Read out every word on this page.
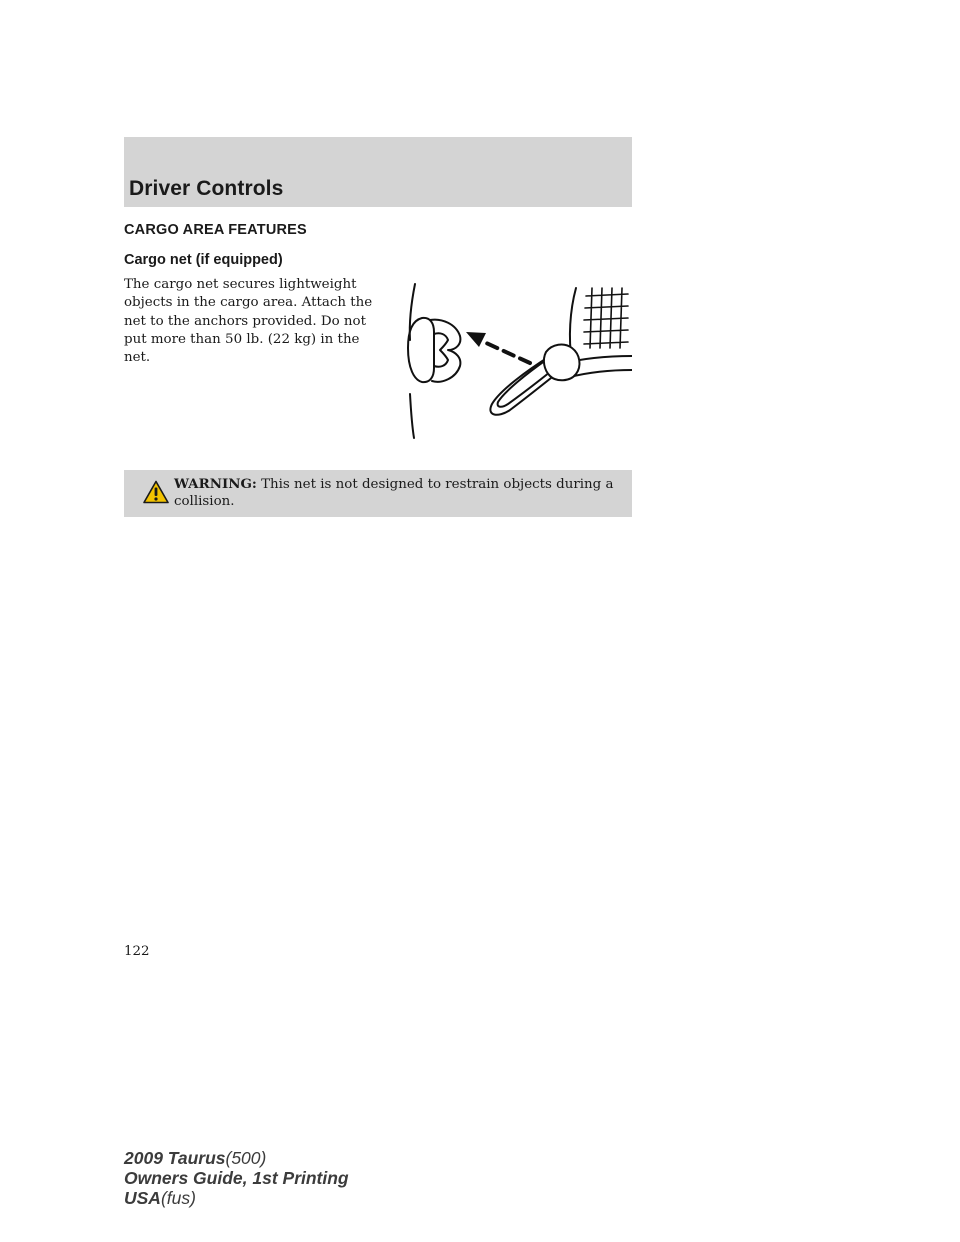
Driver Controls
CARGO AREA FEATURES
Cargo net (if equipped)
The cargo net secures lightweight
objects in the cargo area. Attach the
net to the anchors provided. Do not
put more than 50 lb. (22 kg) in the
net.
WARNING: This net is not designed to restrain objects during a
collision.
122
2009 Taurus(500)
Owners Guide, 1st Printing
USA(fus)
